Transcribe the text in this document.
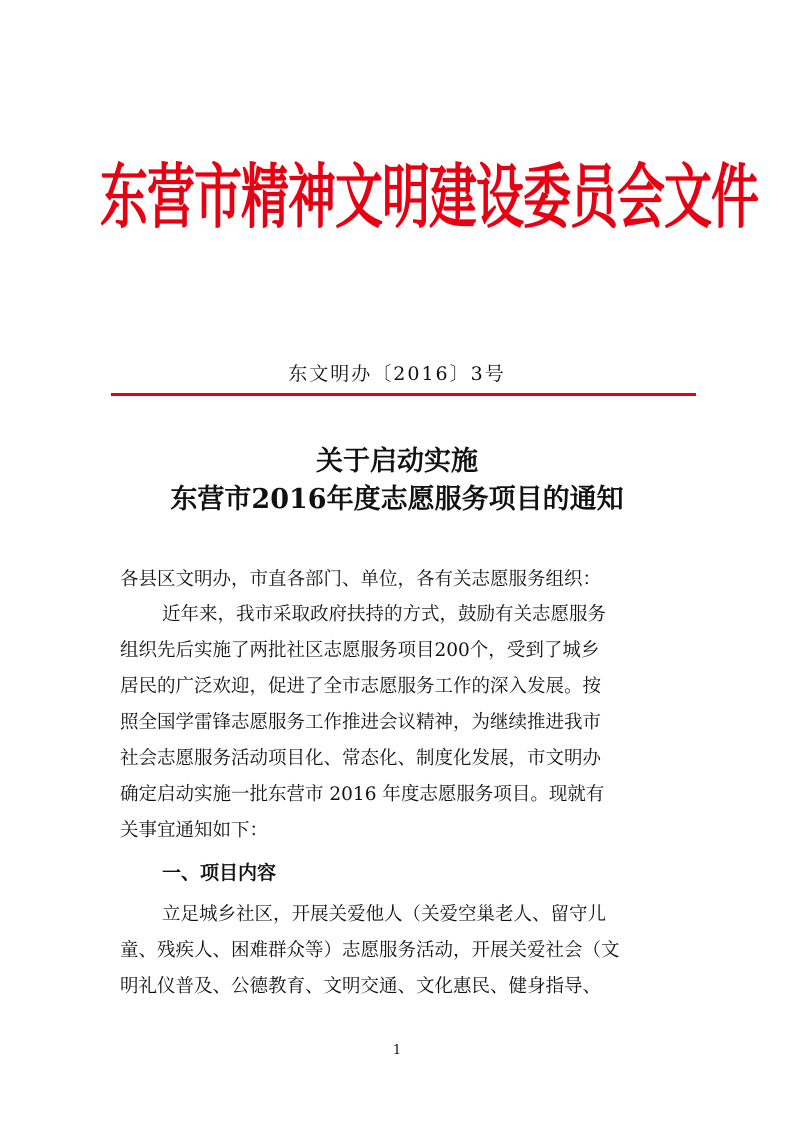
东营市精神文明建设委员会文件
东文明办〔2016〕3号
关于启动实施
东营市2016年度志愿服务项目的通知
各县区文明办，市直各部门、单位，各有关志愿服务组织：
近年来，我市采取政府扶持的方式，鼓励有关志愿服务
组织先后实施了两批社区志愿服务项目200个，受到了城乡
居民的广泛欢迎，促进了全市志愿服务工作的深入发展。按
照全国学雷锋志愿服务工作推进会议精神，为继续推进我市
社会志愿服务活动项目化、常态化、制度化发展，市文明办
确定启动实施一批东营市 2016 年度志愿服务项目。现就有
关事宜通知如下：
一、项目内容
立足城乡社区，开展关爱他人（关爱空巢老人、留守儿
童、残疾人、困难群众等）志愿服务活动，开展关爱社会（文
明礼仪普及、公德教育、文明交通、文化惠民、健身指导、
1
